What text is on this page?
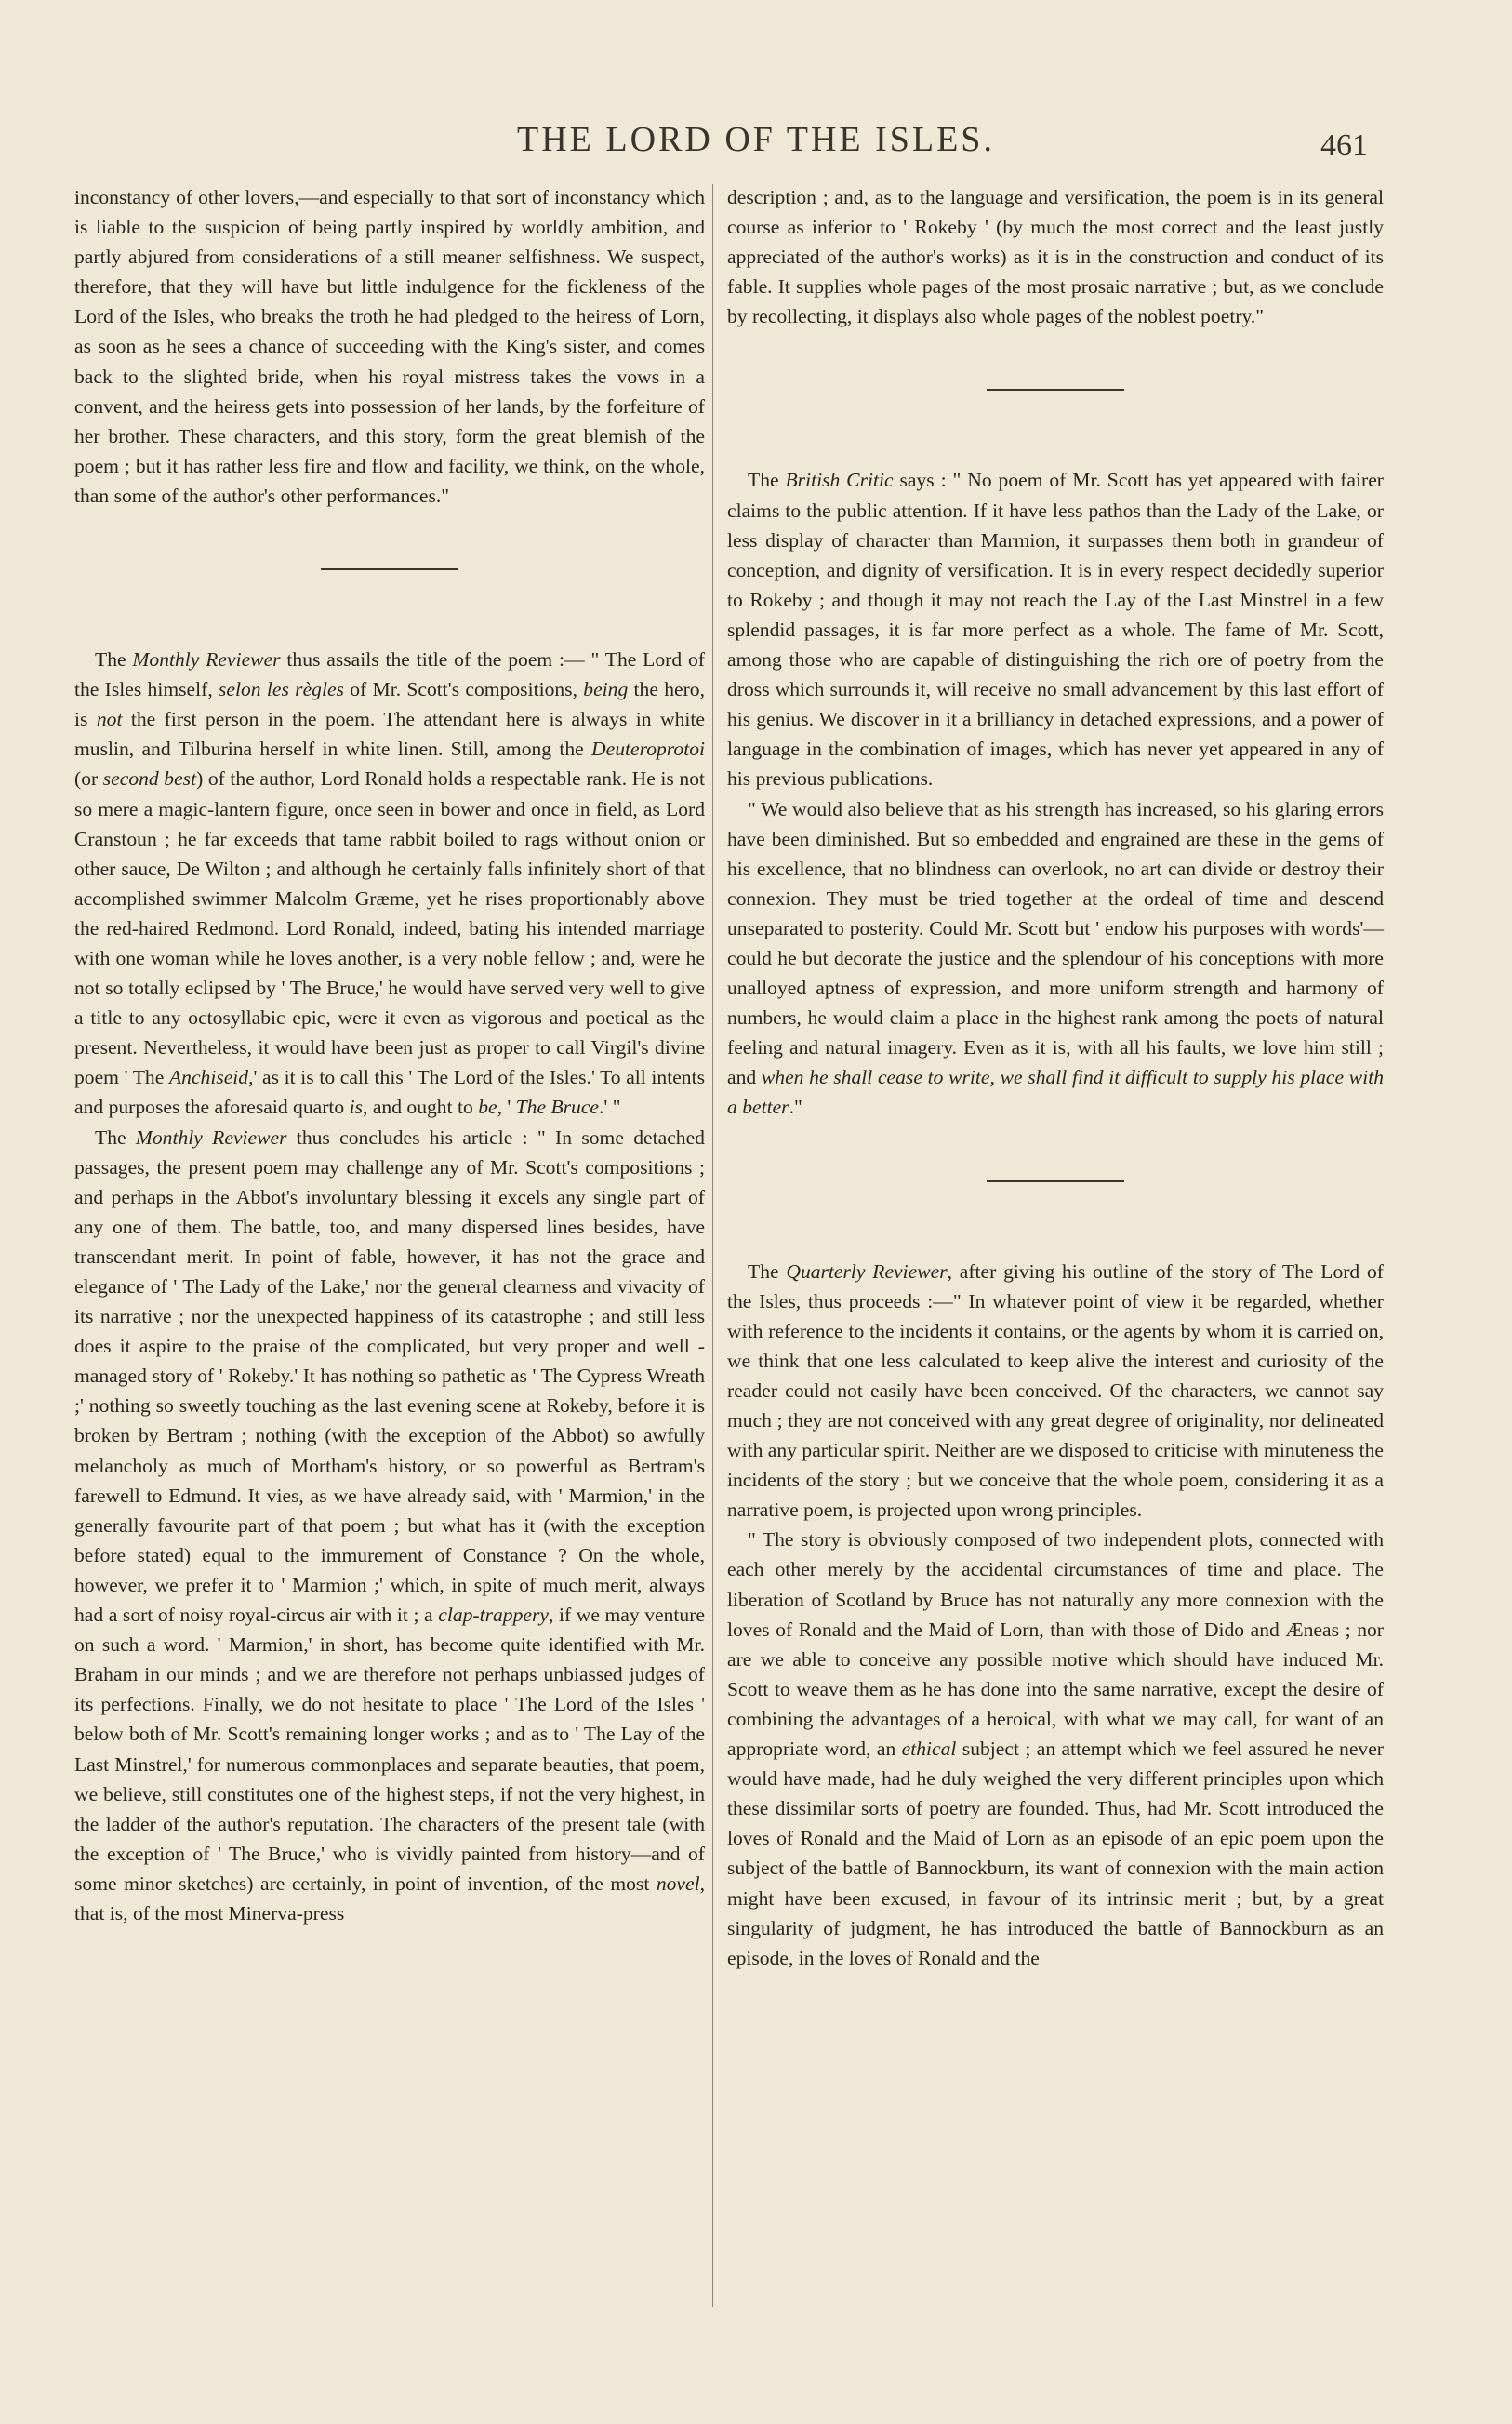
THE LORD OF THE ISLES.	461

inconstancy of other lovers,—and especially to that sort of inconstancy which is liable to the suspicion of being partly inspired by worldly ambition, and partly abjured from considerations of a still meaner selfishness. We suspect, therefore, that they will have but little indulgence for the fickleness of the Lord of the Isles, who breaks the troth he had pledged to the heiress of Lorn, as soon as he sees a chance of succeeding with the King's sister, and comes back to the slighted bride, when his royal mistress takes the vows in a convent, and the heiress gets into possession of her lands, by the forfeiture of her brother. These characters, and this story, form the great blemish of the poem ; but it has rather less fire and flow and facility, we think, on the whole, than some of the author's other performances."

The Monthly Reviewer thus assails the title of the poem :— " The Lord of the Isles himself, selon les règles of Mr. Scott's compositions, being the hero, is not the first person in the poem. The attendant here is always in white muslin, and Tilburina herself in white linen. Still, among the Deuteroprotoi (or second best) of the author, Lord Ronald holds a respectable rank. He is not so mere a magic-lantern figure, once seen in bower and once in field, as Lord Cranstoun ; he far exceeds that tame rabbit boiled to rags without onion or other sauce, De Wilton ; and although he certainly falls infinitely short of that accomplished swimmer Malcolm Græme, yet he rises proportionably above the red-haired Redmond. Lord Ronald, indeed, bating his intended marriage with one woman while he loves another, is a very noble fellow ; and, were he not so totally eclipsed by ' The Bruce,' he would have served very well to give a title to any octosyllabic epic, were it even as vigorous and poetical as the present. Nevertheless, it would have been just as proper to call Virgil's divine poem ' The Anchiseid,' as it is to call this ' The Lord of the Isles.' To all intents and purposes the aforesaid quarto is, and ought to be, ' The Bruce.' "

The Monthly Reviewer thus concludes his article : " In some detached passages, the present poem may challenge any of Mr. Scott's compositions ; and perhaps in the Abbot's involuntary blessing it excels any single part of any one of them. The battle, too, and many dispersed lines besides, have transcendant merit. In point of fable, however, it has not the grace and elegance of ' The Lady of the Lake,' nor the general clearness and vivacity of its narrative ; nor the unexpected happiness of its catastrophe ; and still less does it aspire to the praise of the complicated, but very proper and well - managed story of ' Rokeby.' It has nothing so pathetic as ' The Cypress Wreath ;' nothing so sweetly touching as the last evening scene at Rokeby, before it is broken by Bertram ; nothing (with the exception of the Abbot) so awfully melancholy as much of Mortham's history, or so powerful as Bertram's farewell to Edmund. It vies, as we have already said, with ' Marmion,' in the generally favourite part of that poem ; but what has it (with the exception before stated) equal to the immurement of Constance ? On the whole, however, we prefer it to ' Marmion ;' which, in spite of much merit, always had a sort of noisy royal-circus air with it ; a clap-trappery, if we may venture on such a word. ' Marmion,' in short, has become quite identified with Mr. Braham in our minds ; and we are therefore not perhaps unbiassed judges of its perfections. Finally, we do not hesitate to place ' The Lord of the Isles ' below both of Mr. Scott's remaining longer works ; and as to ' The Lay of the Last Minstrel,' for numerous commonplaces and separate beauties, that poem, we believe, still constitutes one of the highest steps, if not the very highest, in the ladder of the author's reputation. The characters of the present tale (with the exception of ' The Bruce,' who is vividly painted from history—and of some minor sketches) are certainly, in point of invention, of the most novel, that is, of the most Minerva-press

description ; and, as to the language and versification, the poem is in its general course as inferior to ' Rokeby ' (by much the most correct and the least justly appreciated of the author's works) as it is in the construction and conduct of its fable. It supplies whole pages of the most prosaic narrative ; but, as we conclude by recollecting, it displays also whole pages of the noblest poetry."

The British Critic says : " No poem of Mr. Scott has yet appeared with fairer claims to the public attention. If it have less pathos than the Lady of the Lake, or less display of character than Marmion, it surpasses them both in grandeur of conception, and dignity of versification. It is in every respect decidedly superior to Rokeby ; and though it may not reach the Lay of the Last Minstrel in a few splendid passages, it is far more perfect as a whole. The fame of Mr. Scott, among those who are capable of distinguishing the rich ore of poetry from the dross which surrounds it, will receive no small advancement by this last effort of his genius. We discover in it a brilliancy in detached expressions, and a power of language in the combination of images, which has never yet appeared in any of his previous publications.

" We would also believe that as his strength has increased, so his glaring errors have been diminished. But so embedded and engrained are these in the gems of his excellence, that no blindness can overlook, no art can divide or destroy their connexion. They must be tried together at the ordeal of time and descend unseparated to posterity. Could Mr. Scott but ' endow his purposes with words'—could he but decorate the justice and the splendour of his conceptions with more unalloyed aptness of expression, and more uniform strength and harmony of numbers, he would claim a place in the highest rank among the poets of natural feeling and natural imagery. Even as it is, with all his faults, we love him still ; and when he shall cease to write, we shall find it difficult to supply his place with a better."

The Quarterly Reviewer, after giving his outline of the story of The Lord of the Isles, thus proceeds :—" In whatever point of view it be regarded, whether with reference to the incidents it contains, or the agents by whom it is carried on, we think that one less calculated to keep alive the interest and curiosity of the reader could not easily have been conceived. Of the characters, we cannot say much ; they are not conceived with any great degree of originality, nor delineated with any particular spirit. Neither are we disposed to criticise with minuteness the incidents of the story ; but we conceive that the whole poem, considering it as a narrative poem, is projected upon wrong principles.

" The story is obviously composed of two independent plots, connected with each other merely by the accidental circumstances of time and place. The liberation of Scotland by Bruce has not naturally any more connexion with the loves of Ronald and the Maid of Lorn, than with those of Dido and Æneas ; nor are we able to conceive any possible motive which should have induced Mr. Scott to weave them as he has done into the same narrative, except the desire of combining the advantages of a heroical, with what we may call, for want of an appropriate word, an ethical subject ; an attempt which we feel assured he never would have made, had he duly weighed the very different principles upon which these dissimilar sorts of poetry are founded. Thus, had Mr. Scott introduced the loves of Ronald and the Maid of Lorn as an episode of an epic poem upon the subject of the battle of Bannockburn, its want of connexion with the main action might have been excused, in favour of its intrinsic merit ; but, by a great singularity of judgment, he has introduced the battle of Bannockburn as an episode, in the loves of Ronald and the
